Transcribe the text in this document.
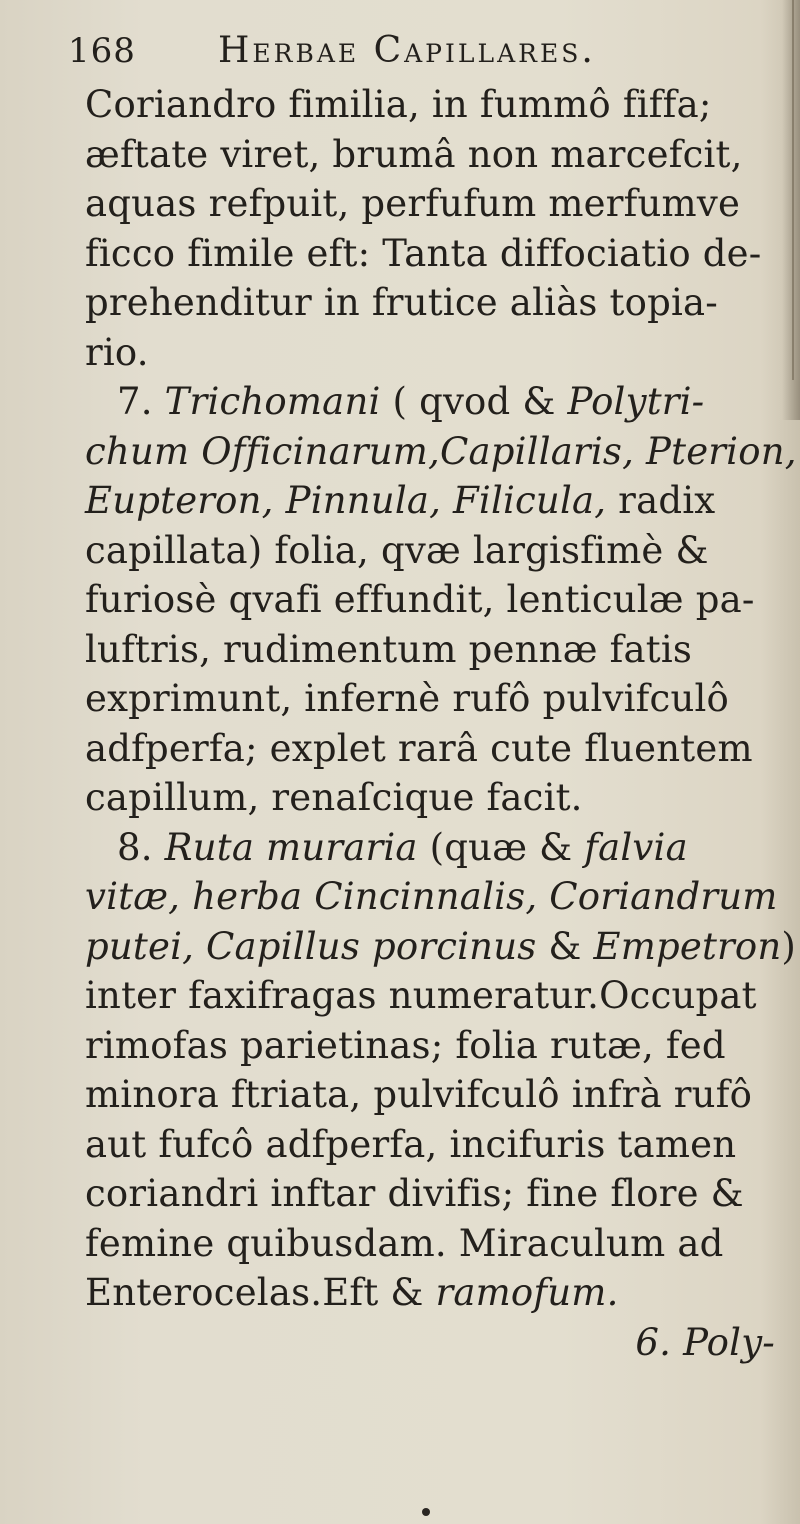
168	Herbae Capillares.
Coriandro fimilia, in fummô fiffa;
æftate viret, brumâ non marcefcit,
aquas refpuit, perfufum merfumve
ficco fimile eft: Tanta diffociatio de-
prehenditur in frutice aliàs topia-
rio.
7. Trichomani ( qvod & Polytri-
chum Officinarum,Capillaris, Pterion,
Eupteron, Pinnula, Filicula, radix
capillata) folia, qvæ largisfimè &
furiosè qvafi effundit, lenticulæ pa-
luftris, rudimentum pennæ fatis
exprimunt, infernè rufô pulvifculô
adfperfa; explet rarâ cute fluentem
capillum, renaſcique facit.
8. Ruta muraria (quæ & falvia
vitæ, herba Cincinnalis, Coriandrum
putei, Capillus porcinus & Empetron)
inter faxifragas numeratur.Occupat
rimofas parietinas; folia rutæ, fed
minora ftriata, pulvifculô infrà rufô
aut fufcô adfperfa, incifuris tamen
coriandri inftar divifis; fine flore &
femine quibusdam. Miraculum ad
Enterocelas.Eft & ramofum.
6. Poly-
